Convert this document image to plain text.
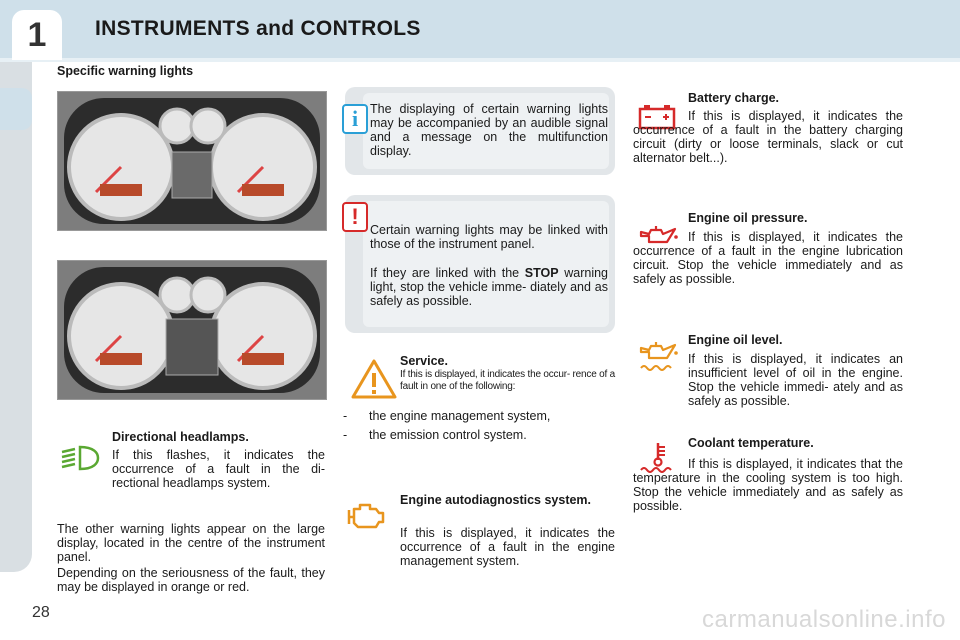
1	INSTRUMENTS and CONTROLS
Specific warning lights
i The displaying of certain warning lights may be accompanied by an audible signal and a message on the multifunction display.
!
Certain warning lights may be linked with those of the instrument panel.
If they are linked with the STOP warning light, stop the vehicle imme- diately and as safely as possible.
Service.
If this is displayed, it indicates the occur- rence of a fault in one of the following:
- the engine management system,
- the emission control system.
Directional headlamps.
If this flashes, it indicates the occurrence of a fault in the di- rectional headlamps system.
The other warning lights appear on the large display, located in the centre of the instrument panel.
Depending on the seriousness of the fault, they may be displayed in orange or red.
Engine autodiagnostics system.
If this is displayed, it indicates the occurrence of a fault in the engine management system.
Battery charge.
If this is displayed, it indicates the occurrence of a fault in the battery charging circuit (dirty or loose terminals, slack or cut alternator belt...).
Engine oil pressure.
If this is displayed, it indicates the occurrence of a fault in the engine lubrication circuit. Stop the vehicle immediately and as safely as possible.
Engine oil level.
If this is displayed, it indicates an insufficient level of oil in the engine. Stop the vehicle immedi- ately and as safely as possible.
Coolant temperature.
If this is displayed, it indicates that the temperature in the cooling system is too high. Stop the vehicle immediately and as safely as possible.
28	carmanualsonline.info
